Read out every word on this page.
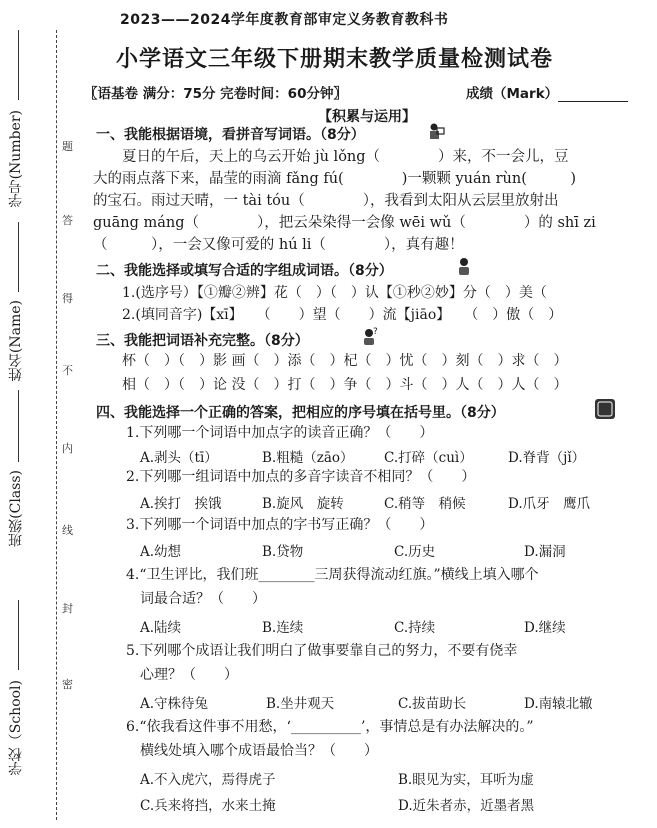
学号(Number)
姓名(Name)
班级(Class)
学校（School)
题
答
得
不
内
线
封
密
2023——2024学年度教育部审定义务教育教科书
小学语文三年级下册期末教学质量检测试卷
〖语基卷 满分：75分 完卷时间：60分钟〗	成绩（Mark）
【积累与运用】
一、我能根据语境，看拼音写词语。（8分）
夏日的午后，天上的乌云开始 jù lǒng（　　　　）来，不一会儿，豆
大的雨点落下来，晶莹的雨滴 fǎng fú(　　　　)一颗颗 yuán rùn(　　　)
的宝石。雨过天晴，一 tài tóu（　　　　），我看到太阳从云层里放射出
guāng máng（　　　　），把云朵染得一会像 wēi wǔ（　　　　）的 shī zi
（　　　），一会又像可爱的 hú li（　　　　），真有趣！
二、我能选择或填写合适的字组成词语。（8分）
1.(选序号）【①瓣②辨】花（　）（　）认【①秒②妙】分（　）美（
2.(填同音字)【xī】　　（　　）望（　　）流【jiāo】　　（　）傲（　）
三、我能把词语补充完整。（8分）
?
杯（　）（　）影 画（　）添（　）杞（　）忧（　）刻（　）求（　）
相（　）（　）论 没（　）打（　）争（　）斗（　）人（　）人（　）
四、我能选择一个正确的答案，把相应的序号填在括号里。（8分）
1.下列哪一个词语中加点字的读音正确？（　　）
A.剥头（tī）	B.粗糙（zāo） C.打碎（cuì）	D.脊背（jǐ）
2.下列哪一组词语中加点的多音字读音不相同？（　　）
A.挨打　挨饿	B.旋风　旋转	C.稍等　稍候	D.爪牙　鹰爪
3.下列哪一个词语中加点的字书写正确？（　　）
A.幼想	B.贷物	C.历史	D.漏洞
4.“卫生评比，我们班________三周获得流动红旗。”横线上填入哪个
词最合适？（　　）
A.陆续	B.连续	C.持续	D.继续
5.下列哪个成语让我们明白了做事要靠自己的努力，不要有侥幸
心理？（　　）
A.守株待兔	B.坐井观天	C.拔苗助长	D.南辕北辙
6.“依我看这件事不用愁，‘__________’，事情总是有办法解决的。”
横线处填入哪个成语最恰当？（　　）
A.不入虎穴，焉得虎子	B.眼见为实，耳听为虚
C.兵来将挡，水来土掩	D.近朱者赤，近墨者黑
